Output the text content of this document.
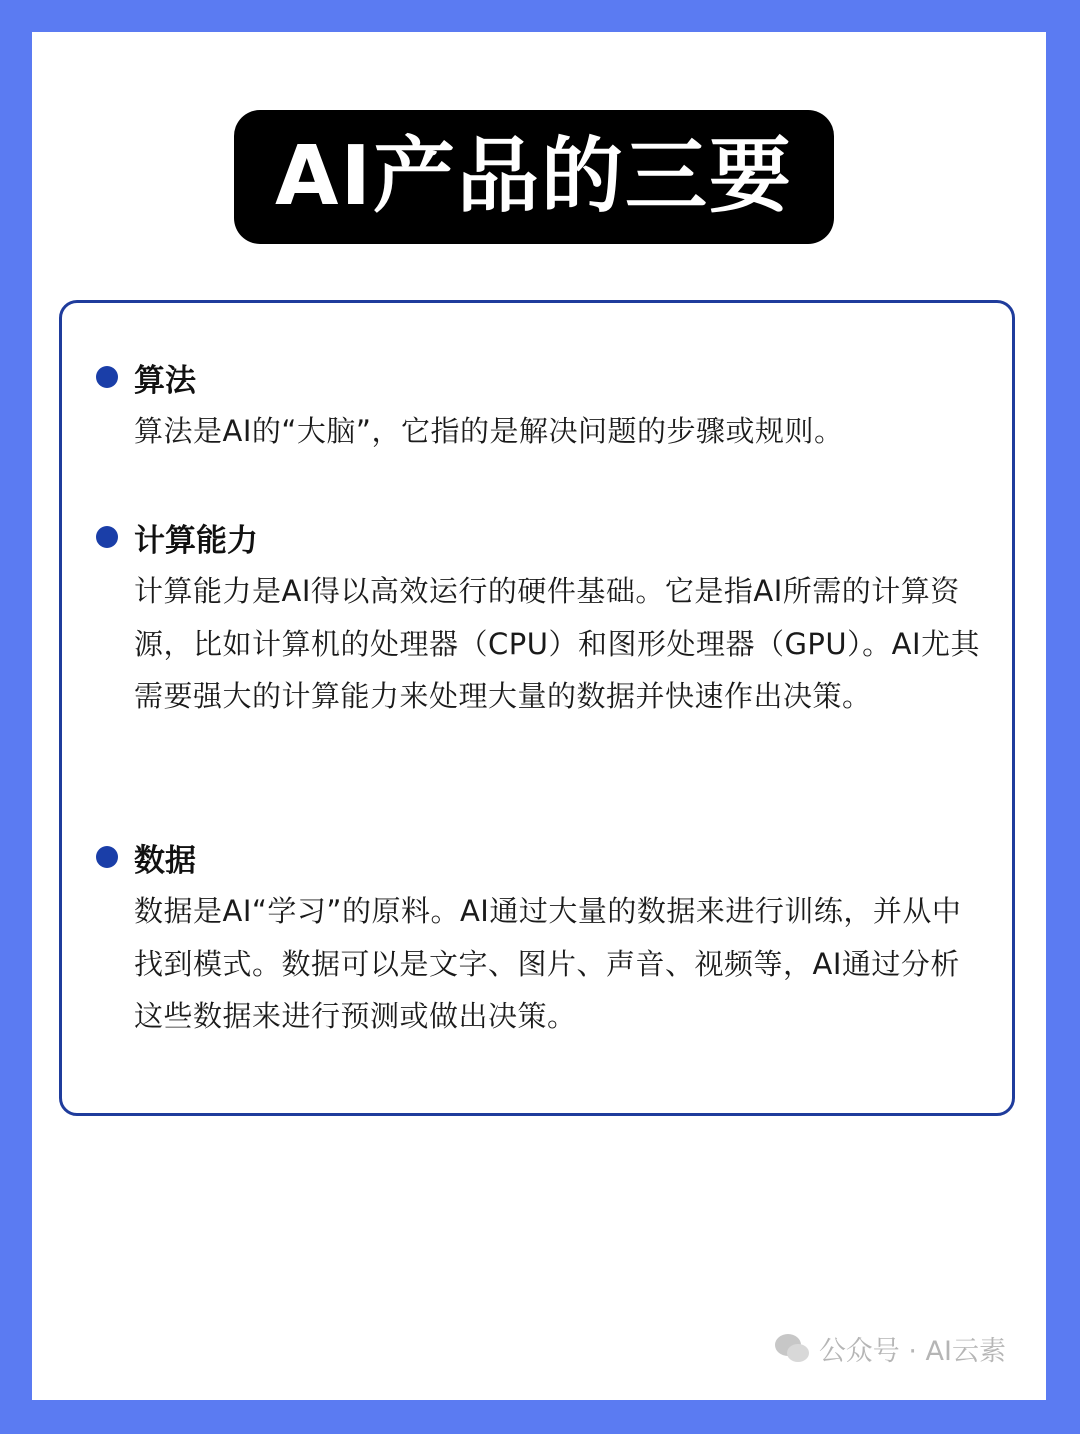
AI产品的三要素
算法
算法是AI的“大脑”，它指的是解决问题的步骤或规则。
计算能力
计算能力是AI得以高效运行的硬件基础。它是指AI所需的计算资源，比如计算机的处理器（CPU）和图形处理器（GPU）。AI尤其需要强大的计算能力来处理大量的数据并快速作出决策。
数据
数据是AI“学习”的原料。AI通过大量的数据来进行训练，并从中找到模式。数据可以是文字、图片、声音、视频等，AI通过分析这些数据来进行预测或做出决策。
公众号 · AI云素
